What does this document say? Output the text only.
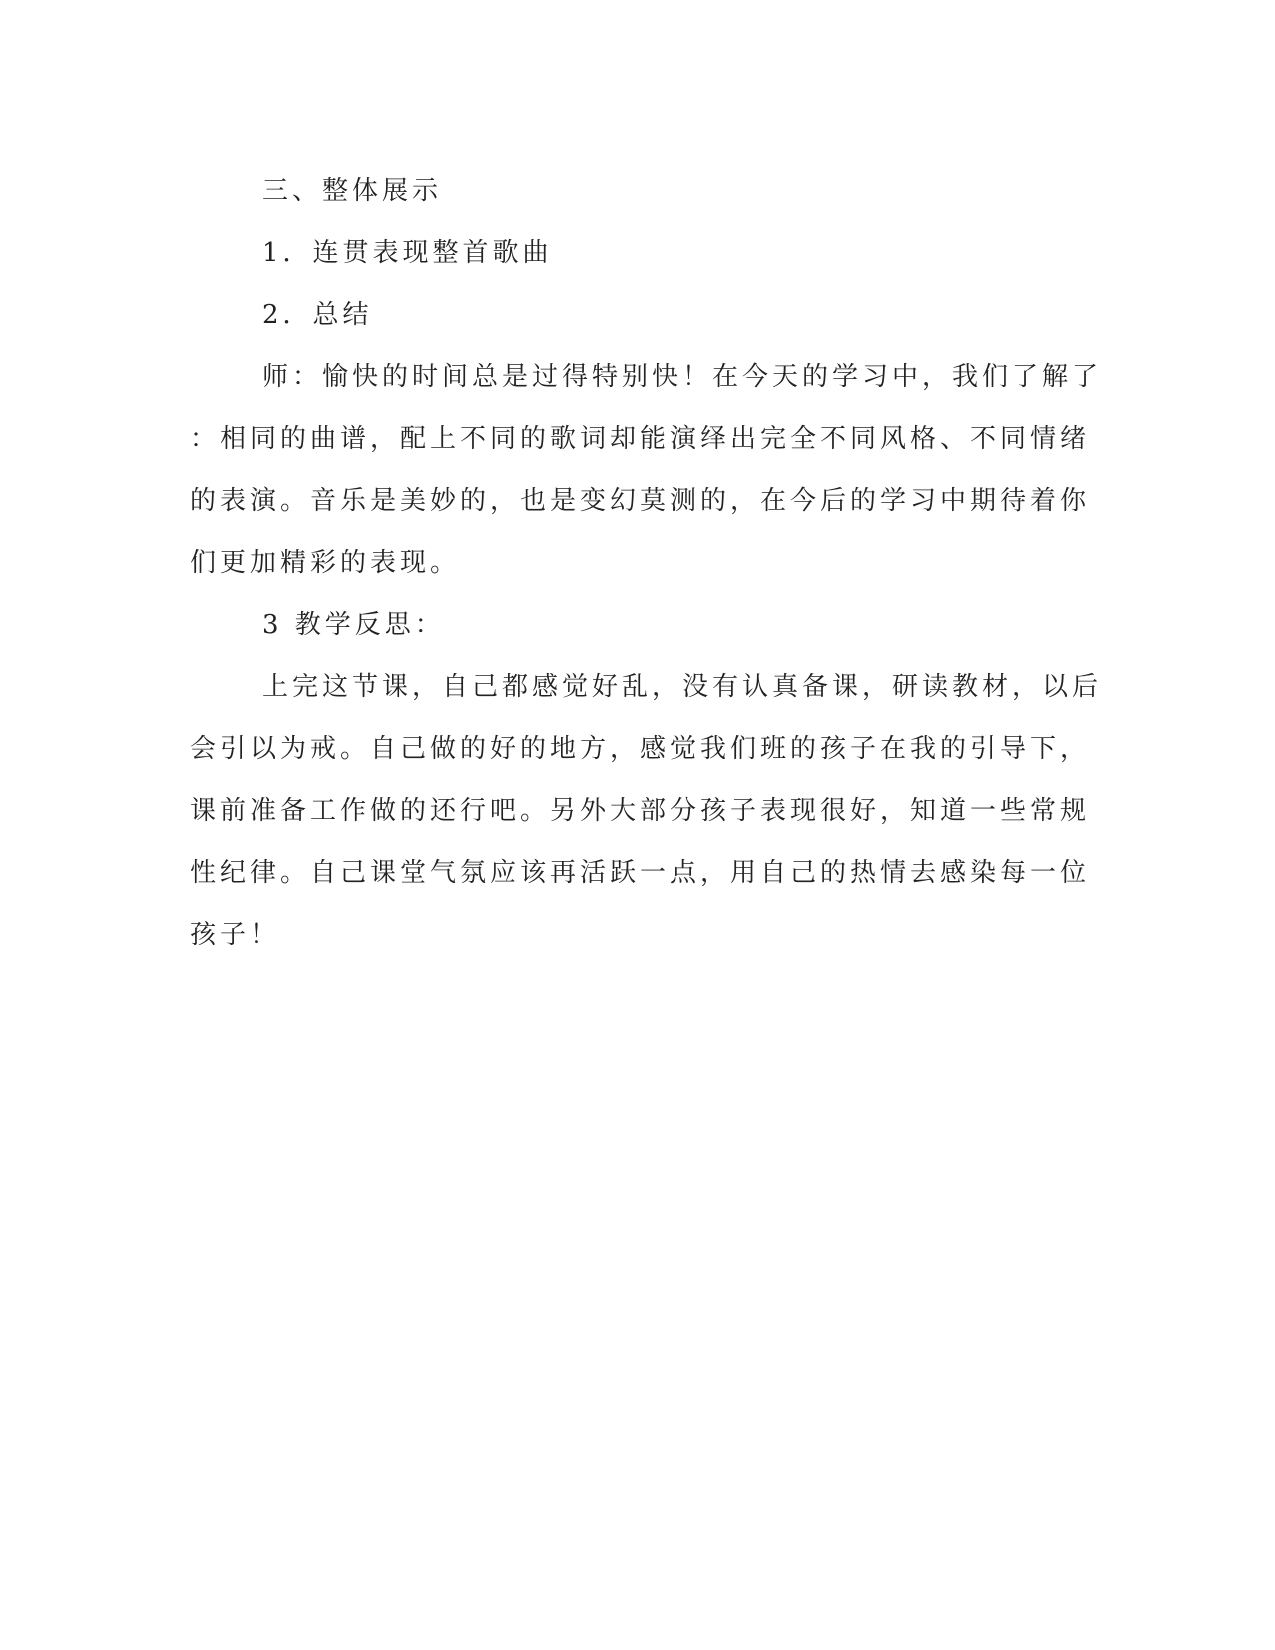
三、整体展示
1．连贯表现整首歌曲
2．总结
师：愉快的时间总是过得特别快！在今天的学习中，我们了解了
：相同的曲谱，配上不同的歌词却能演绎出完全不同风格、不同情绪
的表演。音乐是美妙的，也是变幻莫测的，在今后的学习中期待着你
们更加精彩的表现。
3 教学反思：
上完这节课，自己都感觉好乱，没有认真备课，研读教材，以后
会引以为戒。自己做的好的地方，感觉我们班的孩子在我的引导下，
课前准备工作做的还行吧。另外大部分孩子表现很好，知道一些常规
性纪律。自己课堂气氛应该再活跃一点，用自己的热情去感染每一位
孩子！
